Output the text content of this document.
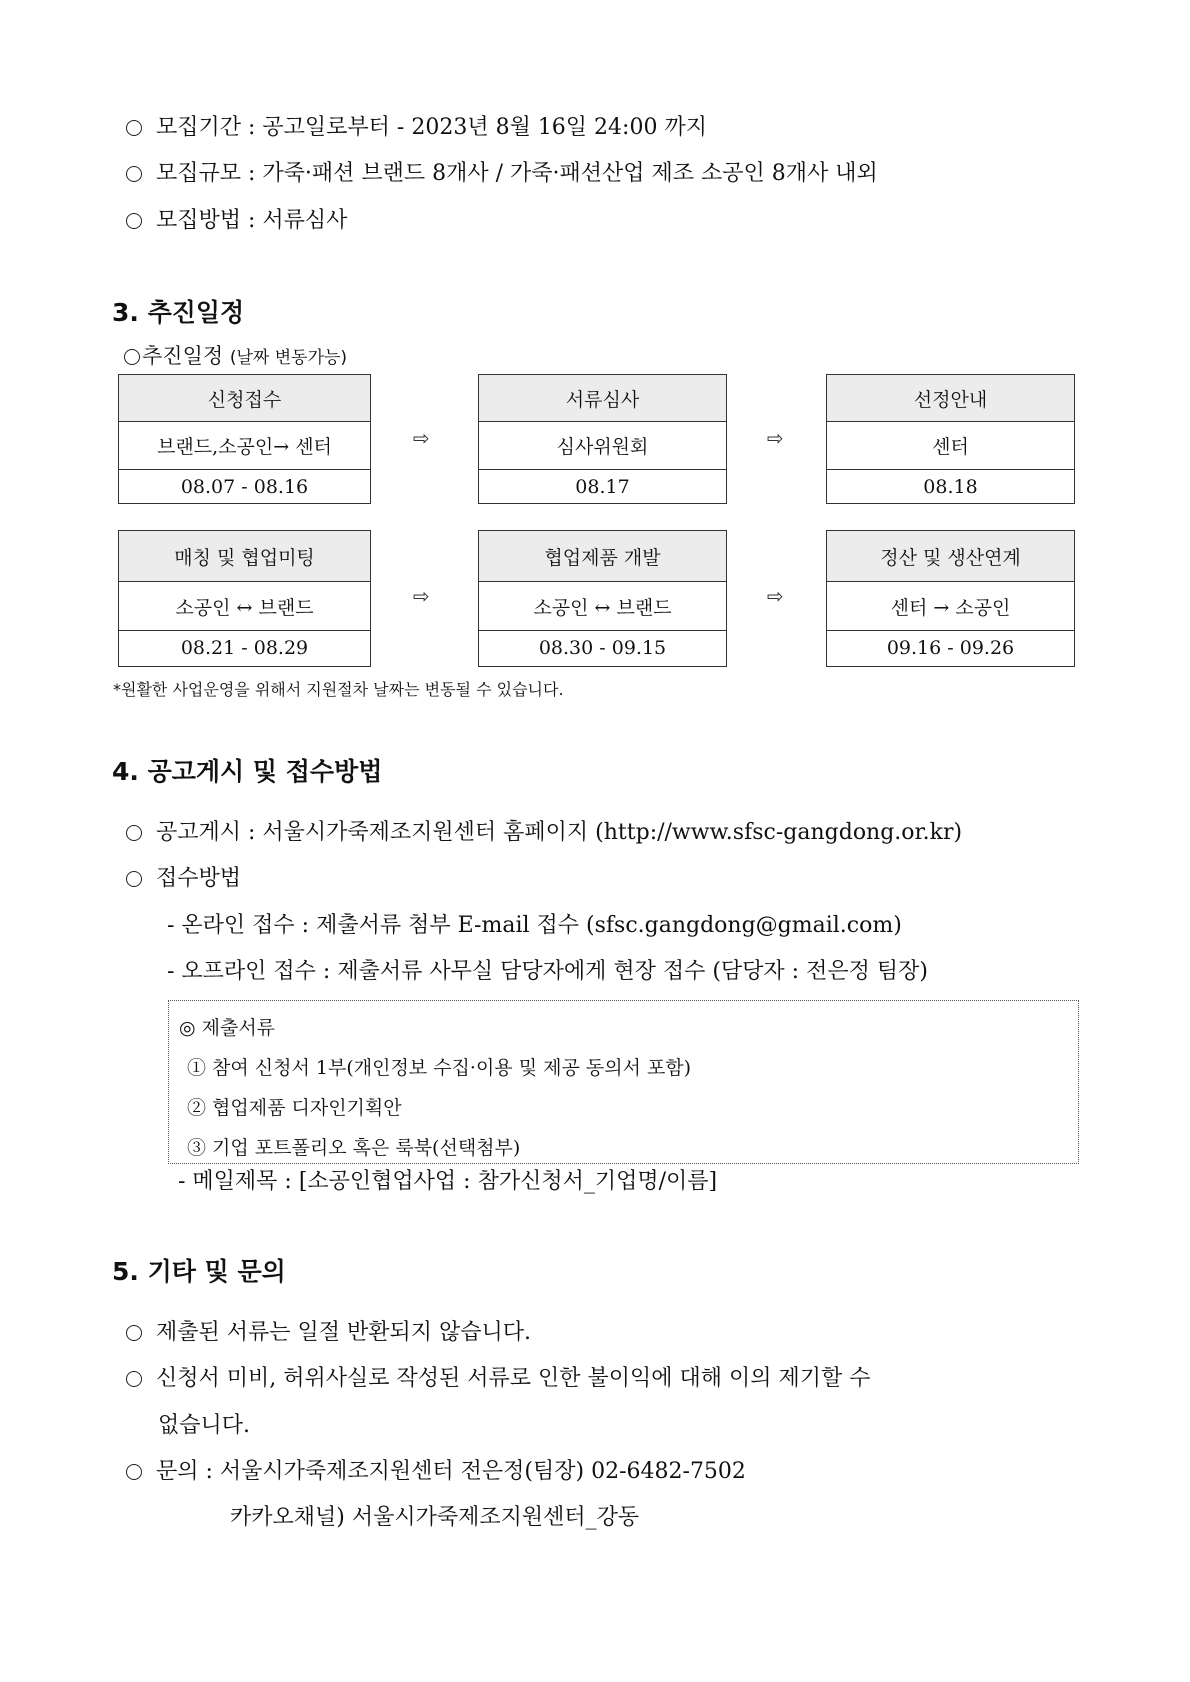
모집기간 : 공고일로부터 - 2023년 8월 16일 24:00 까지
모집규모 : 가죽·패션 브랜드 8개사 / 가죽·패션산업 제조 소공인 8개사 내외
모집방법 : 서류심사
3. 추진일정
추진일정 (날짜 변동가능)
신청접수
브랜드,소공인→ 센터
08.07 - 08.16
⇨
서류심사
심사위원회
08.17
⇨
선정안내
센터
08.18
매칭 및 협업미팅
소공인 ↔ 브랜드
08.21 - 08.29
⇨
협업제품 개발
소공인 ↔ 브랜드
08.30 - 09.15
⇨
정산 및 생산연계
센터 → 소공인
09.16 - 09.26
*원활한 사업운영을 위해서 지원절차 날짜는 변동될 수 있습니다.
4. 공고게시 및 접수방법
공고게시 : 서울시가죽제조지원센터 홈페이지 (http://www.sfsc-gangdong.or.kr)
접수방법
- 온라인 접수 : 제출서류 첨부 E-mail 접수 (sfsc.gangdong@gmail.com)
- 오프라인 접수 : 제출서류 사무실 담당자에게 현장 접수 (담당자 : 전은정 팀장)
◎ 제출서류
① 참여 신청서 1부(개인정보 수집·이용 및 제공 동의서 포함)
② 협업제품 디자인기획안
③ 기업 포트폴리오 혹은 룩북(선택첨부)
- 메일제목 : [소공인협업사업 : 참가신청서_기업명/이름]
5. 기타 및 문의
제출된 서류는 일절 반환되지 않습니다.
신청서 미비, 허위사실로 작성된 서류로 인한 불이익에 대해 이의 제기할 수
없습니다.
문의 : 서울시가죽제조지원센터 전은정(팀장) 02-6482-7502
카카오채널) 서울시가죽제조지원센터_강동
